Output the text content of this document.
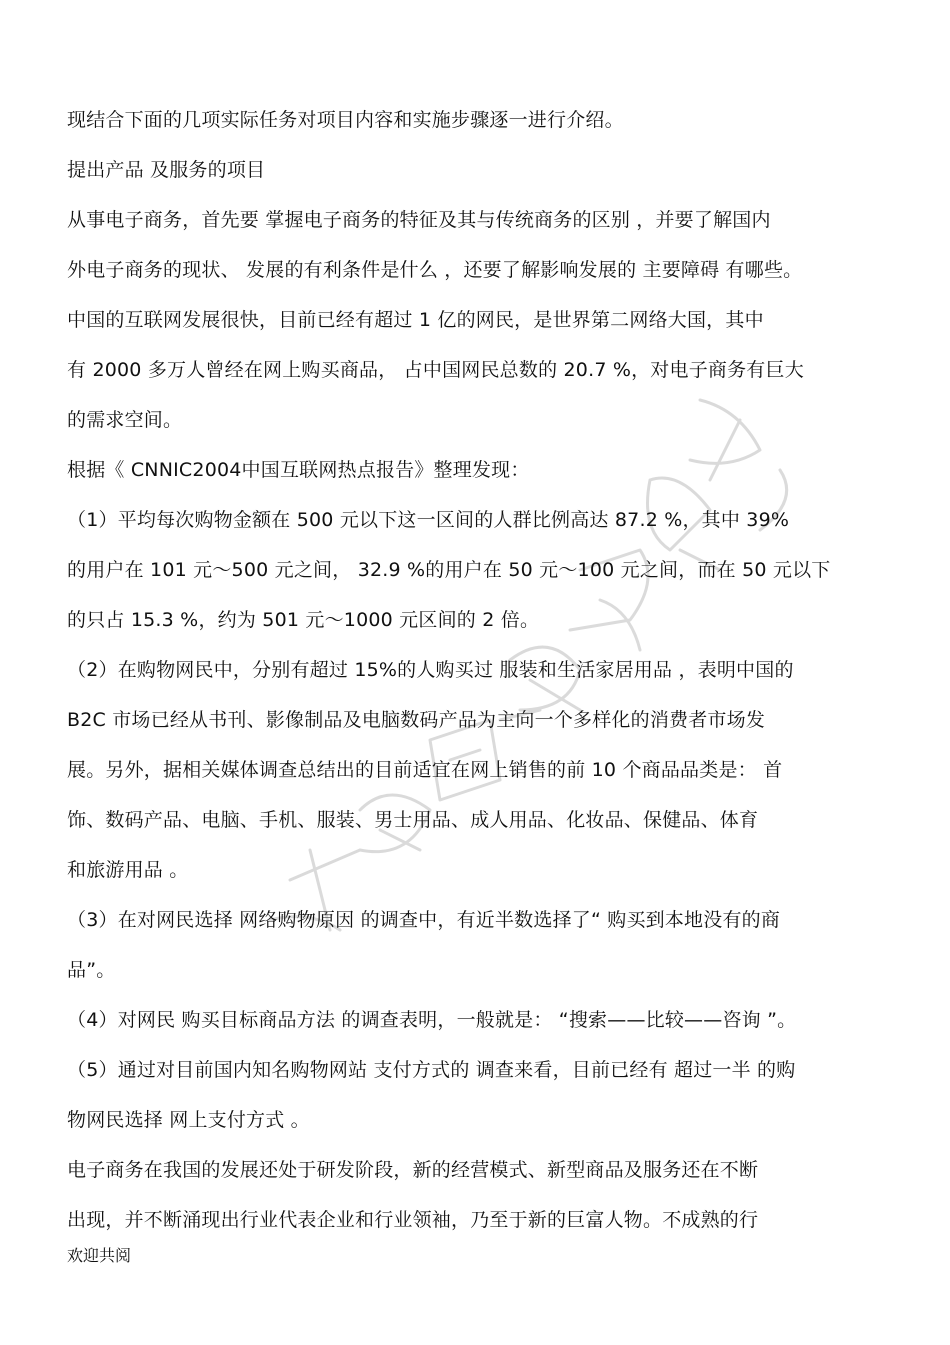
现结合下面的几项实际任务对项目内容和实施步骤逐一进行介绍。
提出产品 及服务的项目
从事电子商务，首先要 掌握电子商务的特征及其与传统商务的区别 ，并要了解国内
外电子商务的现状、 发展的有利条件是什么 ，还要了解影响发展的 主要障碍 有哪些。
中国的互联网发展很快，目前已经有超过 1 亿的网民，是世界第二网络大国，其中
有 2000 多万人曾经在网上购买商品， 占中国网民总数的 20.7 %，对电子商务有巨大
的需求空间。
根据《 CNNIC2004中国互联网热点报告》整理发现：
（1）平均每次购物金额在 500 元以下这一区间的人群比例高达 87.2 %，其中 39%
的用户在 101 元～500 元之间， 32.9 %的用户在 50 元～100 元之间，而在 50 元以下
的只占 15.3 %，约为 501 元～1000 元区间的 2 倍。
（2）在购物网民中，分别有超过 15%的人购买过 服装和生活家居用品 ，表明中国的
B2C 市场已经从书刊、影像制品及电脑数码产品为主向一个多样化的消费者市场发
展。另外，据相关媒体调查总结出的目前适宜在网上销售的前 10 个商品品类是： 首
饰、数码产品、电脑、手机、服装、男士用品、成人用品、化妆品、保健品、体育
和旅游用品 。
（3）在对网民选择 网络购物原因 的调查中，有近半数选择了“ 购买到本地没有的商
品”。
（4）对网民 购买目标商品方法 的调查表明，一般就是： “搜索——比较——咨询 ”。
（5）通过对目前国内知名购物网站 支付方式的 调查来看，目前已经有 超过一半 的购
物网民选择 网上支付方式 。
电子商务在我国的发展还处于研发阶段，新的经营模式、新型商品及服务还在不断
出现，并不断涌现出行业代表企业和行业领袖，乃至于新的巨富人物。不成熟的行
欢迎共阅
